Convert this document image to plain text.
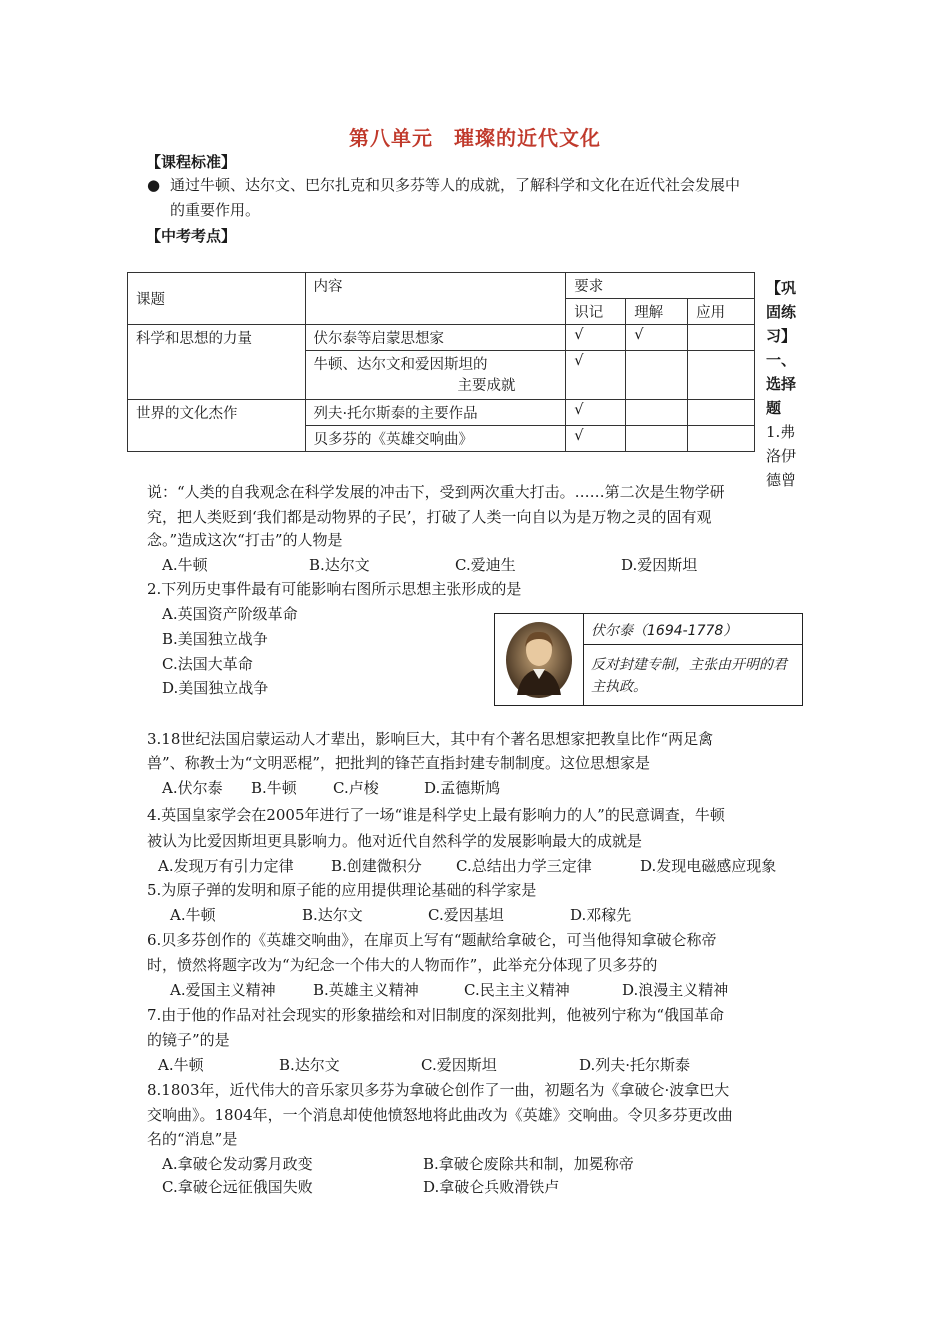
第八单元　璀璨的近代文化
【课程标准】
● 通过牛顿、达尔文、巴尔扎克和贝多芬等人的成就，了解科学和文化在近代社会发展中
的重要作用。
【中考考点】
课题	内容	要求		
		识记	理解	应用
科学和思想的力量	伏尔泰等启蒙思想家	√	√	

	牛顿、达尔文和爱因斯坦的
主要成就	√		
世界的文化杰作	列夫·托尔斯泰的主要作品	√		
	贝多芬的《英雄交响曲》	√		
【巩固练习】
一、选择题
1.弗洛伊德曾
说：“人类的自我观念在科学发展的冲击下，受到两次重大打击。……第二次是生物学研
究，把人类贬到‘我们都是动物界的子民’，打破了人类一向自以为是万物之灵的固有观
念。”造成这次“打击”的人物是
A.牛顿	B.达尔文	C.爱迪生	D.爱因斯坦
2.下列历史事件最有可能影响右图所示思想主张形成的是
A.英国资产阶级革命
B.美国独立战争
C.法国大革命
D.美国独立战争
伏尔泰（1694-1778）
反对封建专制，主张由开明的君主执政。
3.18世纪法国启蒙运动人才辈出，影响巨大，其中有个著名思想家把教皇比作“两足禽
兽”、称教士为“文明恶棍”，把批判的锋芒直指封建专制制度。这位思想家是
A.伏尔泰 B.牛顿 C.卢梭	D.孟德斯鸠
4.英国皇家学会在2005年进行了一场“谁是科学史上最有影响力的人”的民意调查，牛顿
被认为比爱因斯坦更具影响力。他对近代自然科学的发展影响最大的成就是
A.发现万有引力定律 B.创建微积分 C.总结出力学三定律	D.发现电磁感应现象
5.为原子弹的发明和原子能的应用提供理论基础的科学家是
A.牛顿	B.达尔文	C.爱因基坦	D.邓稼先
6.贝多芬创作的《英雄交响曲》，在扉页上写有“题献给拿破仑，可当他得知拿破仑称帝
时，愤然将题字改为“为纪念一个伟大的人物而作”，此举充分体现了贝多芬的
A.爱国主义精神 B.英雄主义精神	C.民主主义精神	D.浪漫主义精神
7.由于他的作品对社会现实的形象描绘和对旧制度的深刻批判，他被列宁称为“俄国革命
的镜子”的是
A.牛顿	B.达尔文	C.爱因斯坦	D.列夫·托尔斯泰
8.1803年，近代伟大的音乐家贝多芬为拿破仑创作了一曲，初题名为《拿破仑·波拿巴大
交响曲》。1804年，一个消息却使他愤怒地将此曲改为《英雄》交响曲。令贝多芬更改曲
名的“消息”是
A.拿破仑发动雾月政变	B.拿破仑废除共和制，加冕称帝
C.拿破仑远征俄国失败	D.拿破仑兵败滑铁卢
